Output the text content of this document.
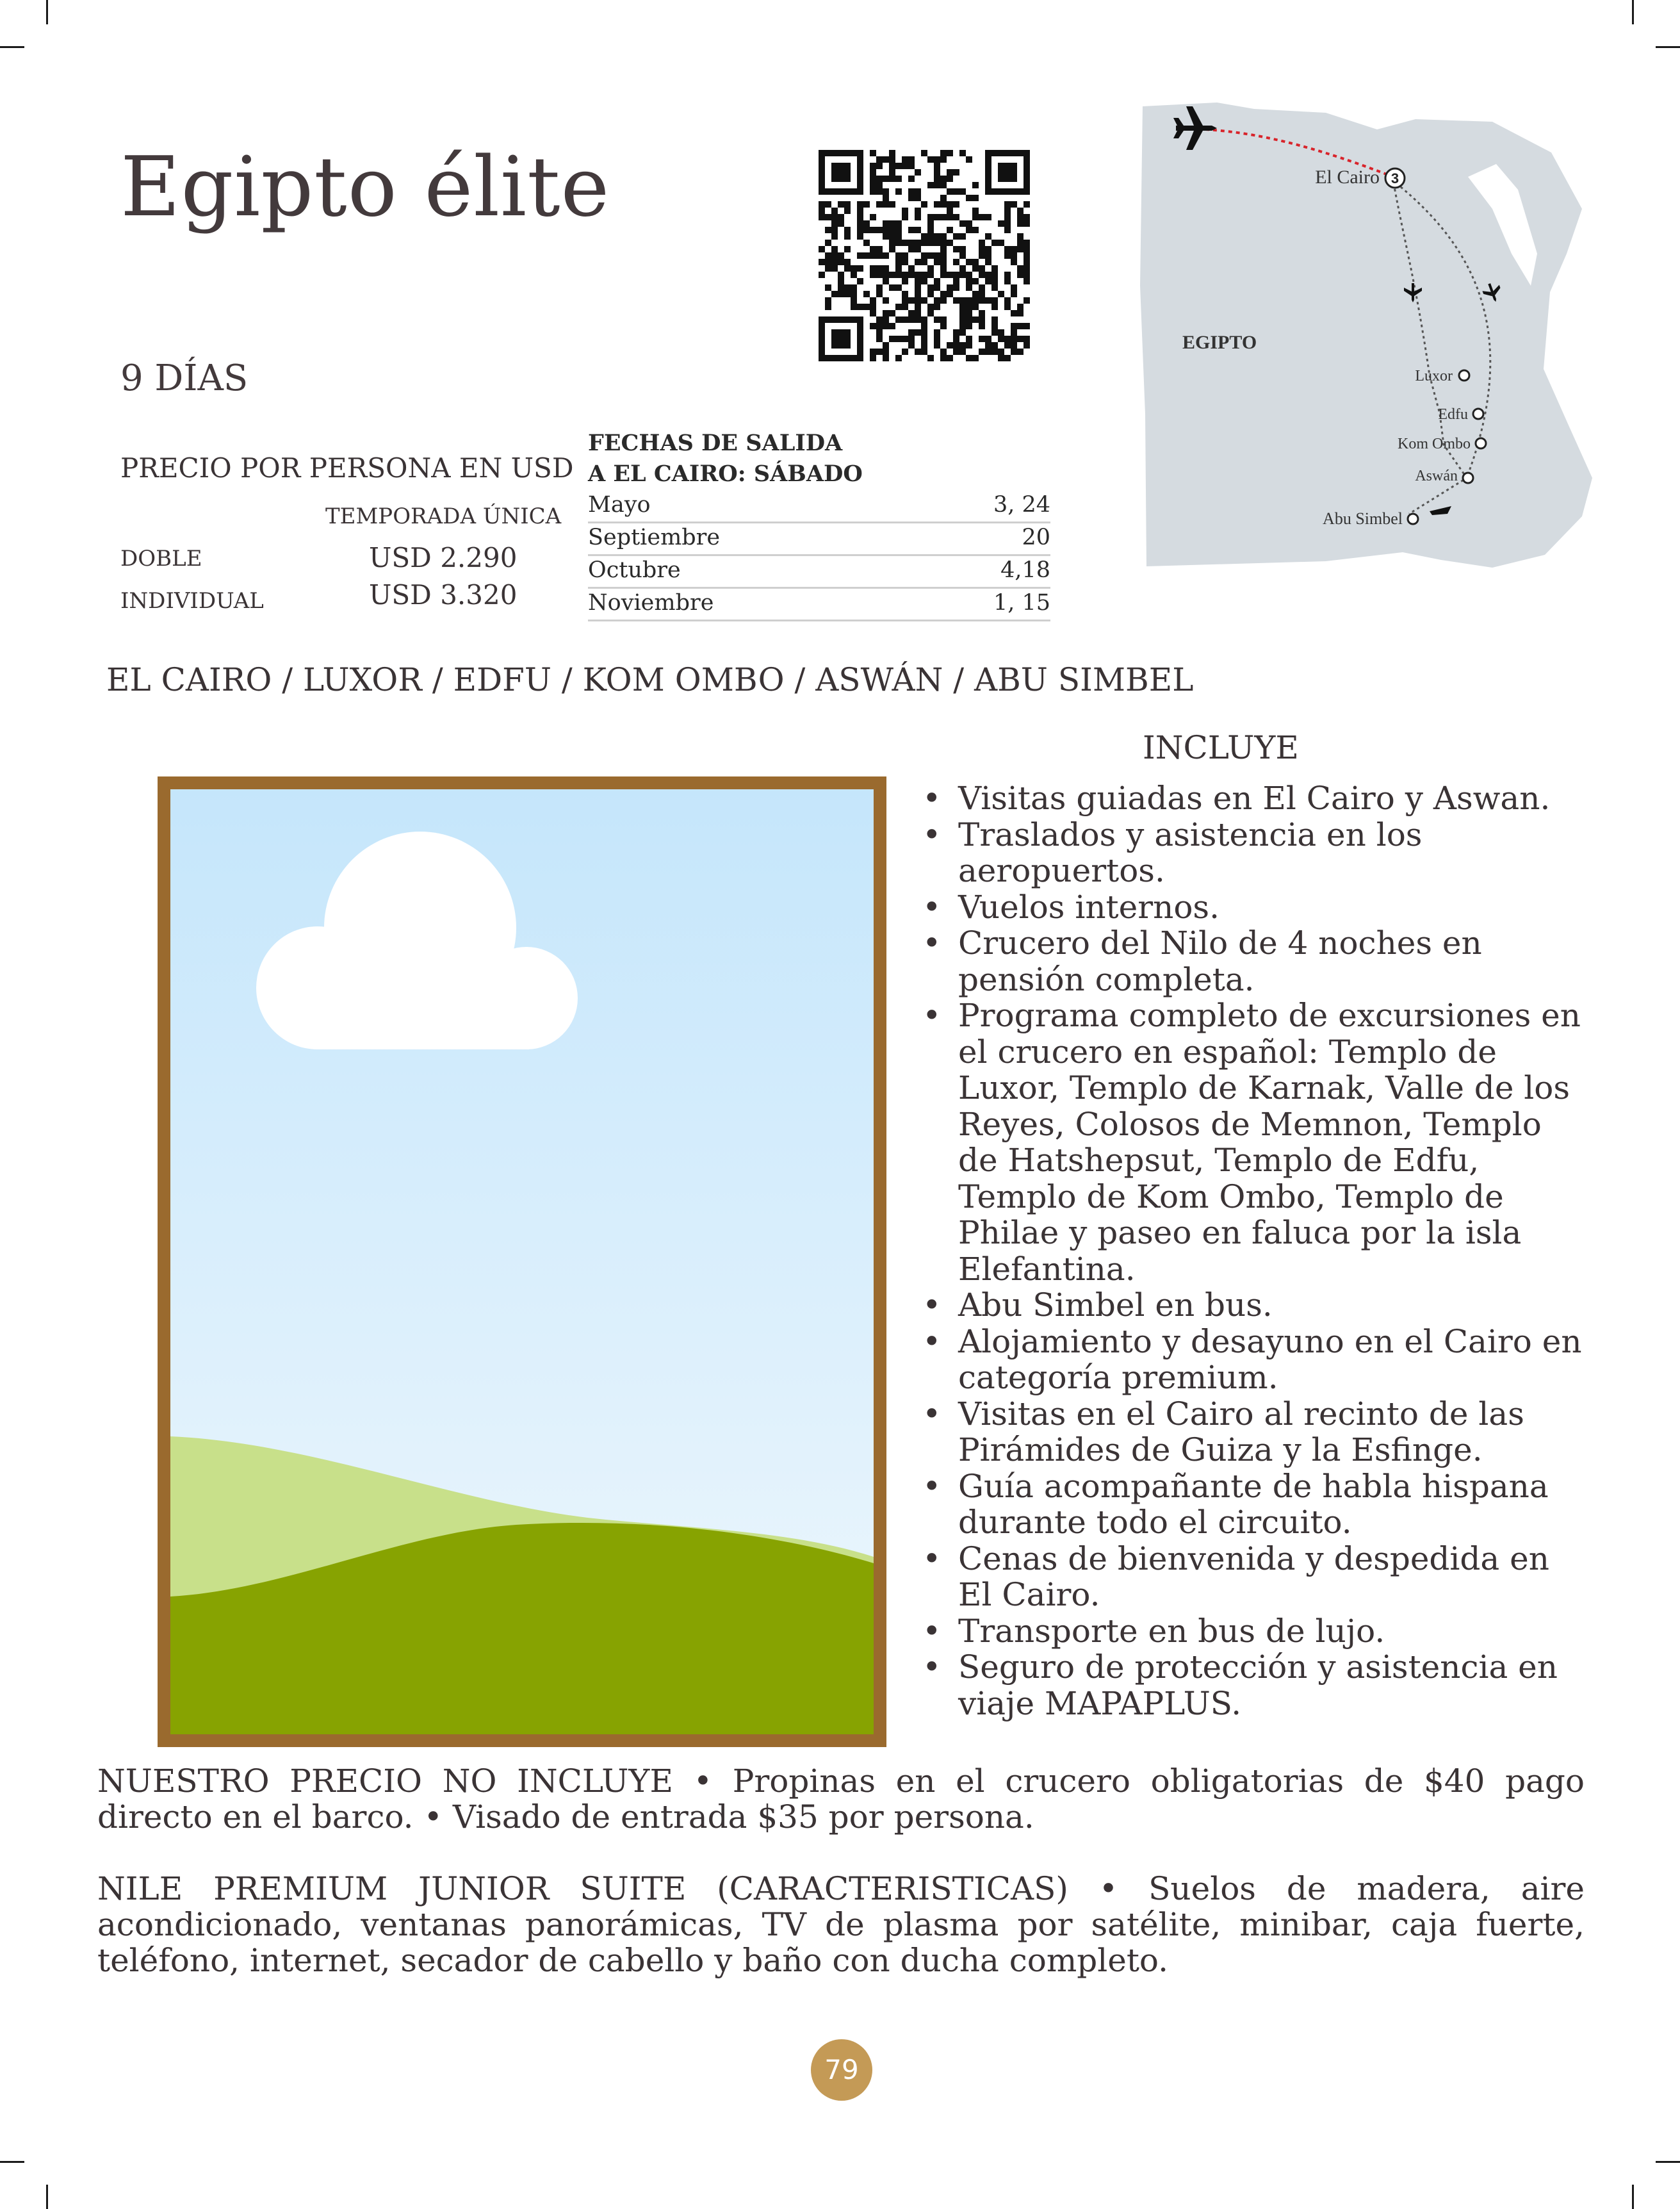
Egipto élite	3
El Cairo
EGIPTO
Luxor
Edfu
Kom Ombo
Aswán
Abu Simbel
9 DÍAS
PRECIO POR PERSONA EN USD
TEMPORADA ÚNICA
DOBLE	USD 2.290
INDIVIDUAL	USD 3.320
FECHAS DE SALIDA
A EL CAIRO: SÁBADO
Mayo	3, 24
Septiembre	20
Octubre	4,18
Noviembre	1, 15
EL CAIRO / LUXOR / EDFU / KOM OMBO / ASWÁN / ABU SIMBEL
INCLUYE
• Visitas guiadas en El Cairo y Aswan.
• Traslados y asistencia en los aeropuertos.
• Vuelos internos.
• Crucero del Nilo de 4 noches en pensión completa.
• Programa completo de excursiones en el crucero en español: Templo de Luxor, Templo de Karnak, Valle de los Reyes, Colosos de Memnon, Templo de Hatshepsut, Templo de Edfu, Templo de Kom Ombo, Templo de Philae y paseo en faluca por la isla Elefantina.
• Abu Simbel en bus.
• Alojamiento y desayuno en el Cairo en categoría premium.
• Visitas en el Cairo al recinto de las Pirámides de Guiza y la Esfinge.
• Guía acompañante de habla hispana durante todo el circuito.
• Cenas de bienvenida y despedida en El Cairo.
• Transporte en bus de lujo.
• Seguro de protección y asistencia en viaje MAPAPLUS.
NUESTRO PRECIO NO INCLUYE • Propinas en el crucero obligatorias de $40 pago directo en el barco. • Visado de entrada $35 por persona.
NILE PREMIUM JUNIOR SUITE (CARACTERISTICAS) • Suelos de madera, aire acondicionado, ventanas panorámicas, TV de plasma por satélite, minibar, caja fuerte, teléfono, internet, secador de cabello y baño con ducha completo.
79
